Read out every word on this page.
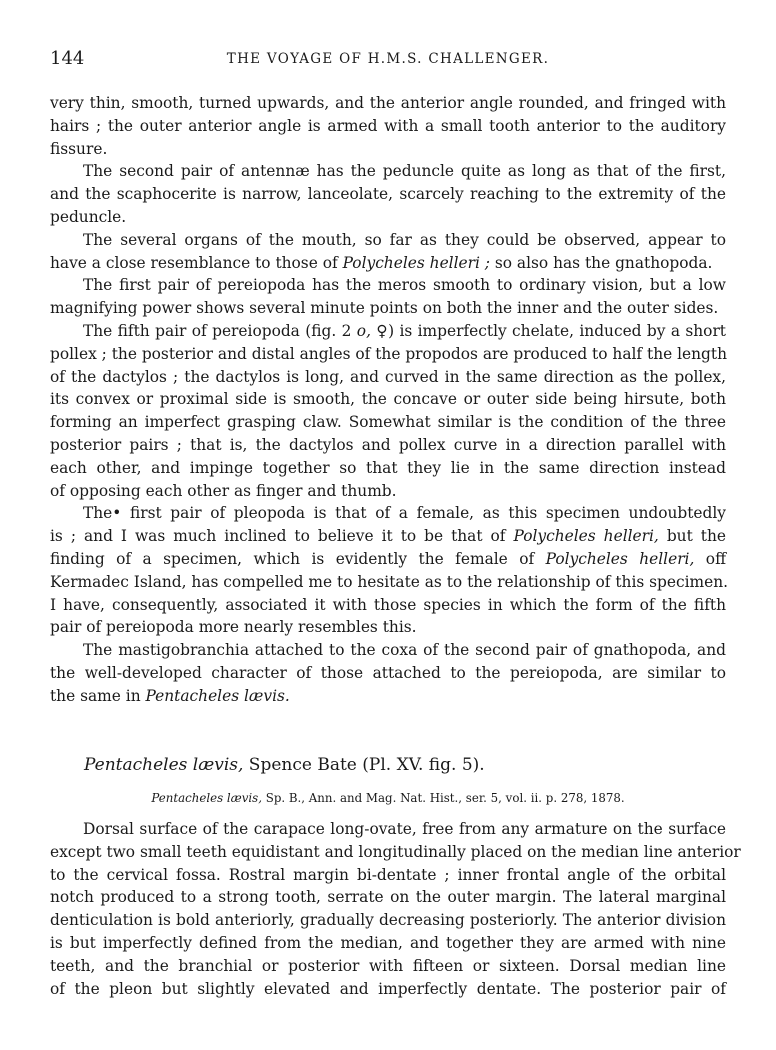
144	THE VOYAGE OF H.M.S. CHALLENGER.
very thin, smooth, turned upwards, and the anterior angle rounded, and fringed with
hairs ; the outer anterior angle is armed with a small tooth anterior to the auditory
fissure.
The second pair of antennæ has the peduncle quite as long as that of the first,
and the scaphocerite is narrow, lanceolate, scarcely reaching to the extremity of the
peduncle.
The several organs of the mouth, so far as they could be observed, appear to
have a close resemblance to those of Polycheles helleri ; so also has the gnathopoda.
The first pair of pereiopoda has the meros smooth to ordinary vision, but a low
magnifying power shows several minute points on both the inner and the outer sides.
The fifth pair of pereiopoda (fig. 2 o, ♀) is imperfectly chelate, induced by a short
pollex ; the posterior and distal angles of the propodos are produced to half the length
of the dactylos ; the dactylos is long, and curved in the same direction as the pollex,
its convex or proximal side is smooth, the concave or outer side being hirsute, both
forming an imperfect grasping claw. Somewhat similar is the condition of the three
posterior pairs ; that is, the dactylos and pollex curve in a direction parallel with
each other, and impinge together so that they lie in the same direction instead
of opposing each other as finger and thumb.
The• first pair of pleopoda is that of a female, as this specimen undoubtedly
is ; and I was much inclined to believe it to be that of Polycheles helleri, but the
finding of a specimen, which is evidently the female of Polycheles helleri, off
Kermadec Island, has compelled me to hesitate as to the relationship of this specimen.
I have, consequently, associated it with those species in which the form of the fifth
pair of pereiopoda more nearly resembles this.
The mastigobranchia attached to the coxa of the second pair of gnathopoda, and
the well-developed character of those attached to the pereiopoda, are similar to
the same in Pentacheles lævis.
Pentacheles lævis, Spence Bate (Pl. XV. fig. 5).
Pentacheles lævis, Sp. B., Ann. and Mag. Nat. Hist., ser. 5, vol. ii. p. 278, 1878.
Dorsal surface of the carapace long-ovate, free from any armature on the surface
except two small teeth equidistant and longitudinally placed on the median line anterior
to the cervical fossa. Rostral margin bi-dentate ; inner frontal angle of the orbital
notch produced to a strong tooth, serrate on the outer margin. The lateral marginal
denticulation is bold anteriorly, gradually decreasing posteriorly. The anterior division
is but imperfectly defined from the median, and together they are armed with nine
teeth, and the branchial or posterior with fifteen or sixteen. Dorsal median line
of the pleon but slightly elevated and imperfectly dentate. The posterior pair of
